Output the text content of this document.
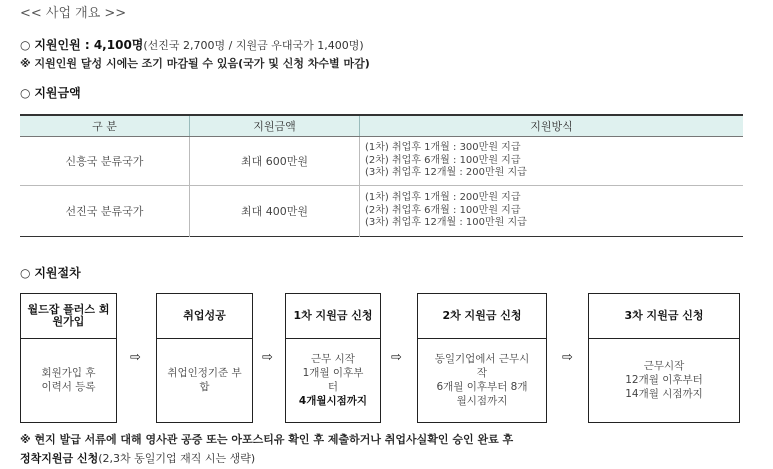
<< 사업 개요 >>
○ 지원인원 : 4,100명(선진국 2,700명 / 지원금 우대국가 1,400명)
※ 지원인원 달성 시에는 조기 마감될 수 있음(국가 및 신청 차수별 마감)
○ 지원금액
구 분	지원금액	지원방식
신흥국 분류국가	최대 600만원	(1차) 취업후 1개월 : 300만원 지급
(2차) 취업후 6개월 : 100만원 지급
(3차) 취업후 12개월 : 200만원 지급

선진국 분류국가	최대 400만원	(1차) 취업후 1개월 : 200만원 지급
(2차) 취업후 6개월 : 100만원 지급
(3차) 취업후 12개월 : 100만원 지급
○ 지원절차
월드잡 플러스 회원가입
회원가입 후
이력서 등록
⇨
취업성공
취업인정기준 부
합
⇨
1차 지원금 신청
근무 시작
1개월 이후부
터
4개월시점까지
⇨
2차 지원금 신청
동일기업에서 근무시
작
6개월 이후부터 8개
월시점까지
⇨
3차 지원금 신청
근무시작
12개월 이후부터
14개월 시점까지
※ 현지 발급 서류에 대해 영사관 공증 또는 아포스티유 확인 후 제출하거나 취업사실확인 승인 완료 후
정착지원금 신청(2,3차 동일기업 재직 시는 생략)
